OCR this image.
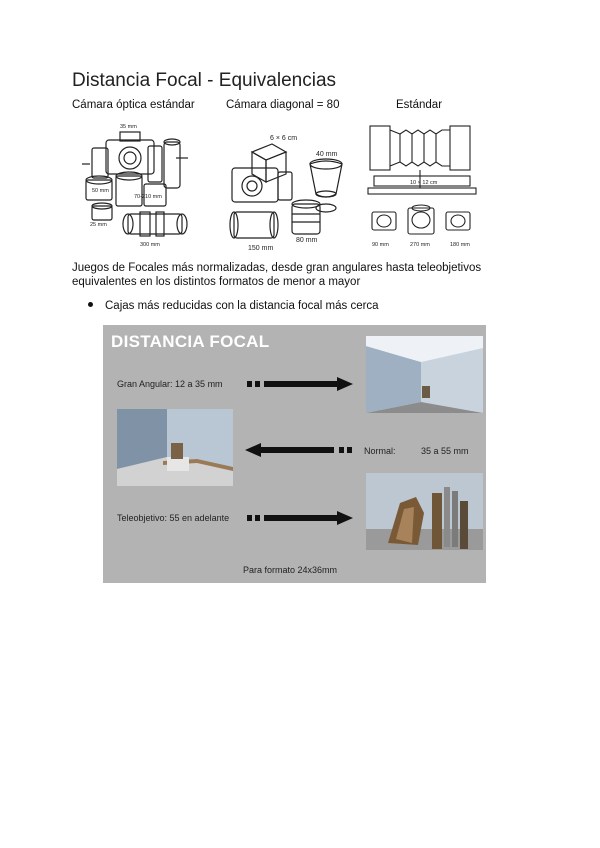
Distancia Focal - Equivalencias
Cámara óptica estándar	Cámara diagonal = 80	Estándar
35 mm
50 mm
70-210 mm
25 mm
300 mm
6 × 6 cm
40 mm
150 mm
80 mm
10 × 12 cm
90 mm	270 mm	180 mm
Juegos de Focales más normalizadas, desde gran angulares hasta teleobjetivos equivalentes en los distintos formatos de menor a mayor
Cajas más reducidas con la distancia focal más cerca
DISTANCIA FOCAL
Gran Angular: 12 a 35 mm
Normal:	35 a 55 mm
Teleobjetivo: 55 en adelante
Para formato 24x36mm
